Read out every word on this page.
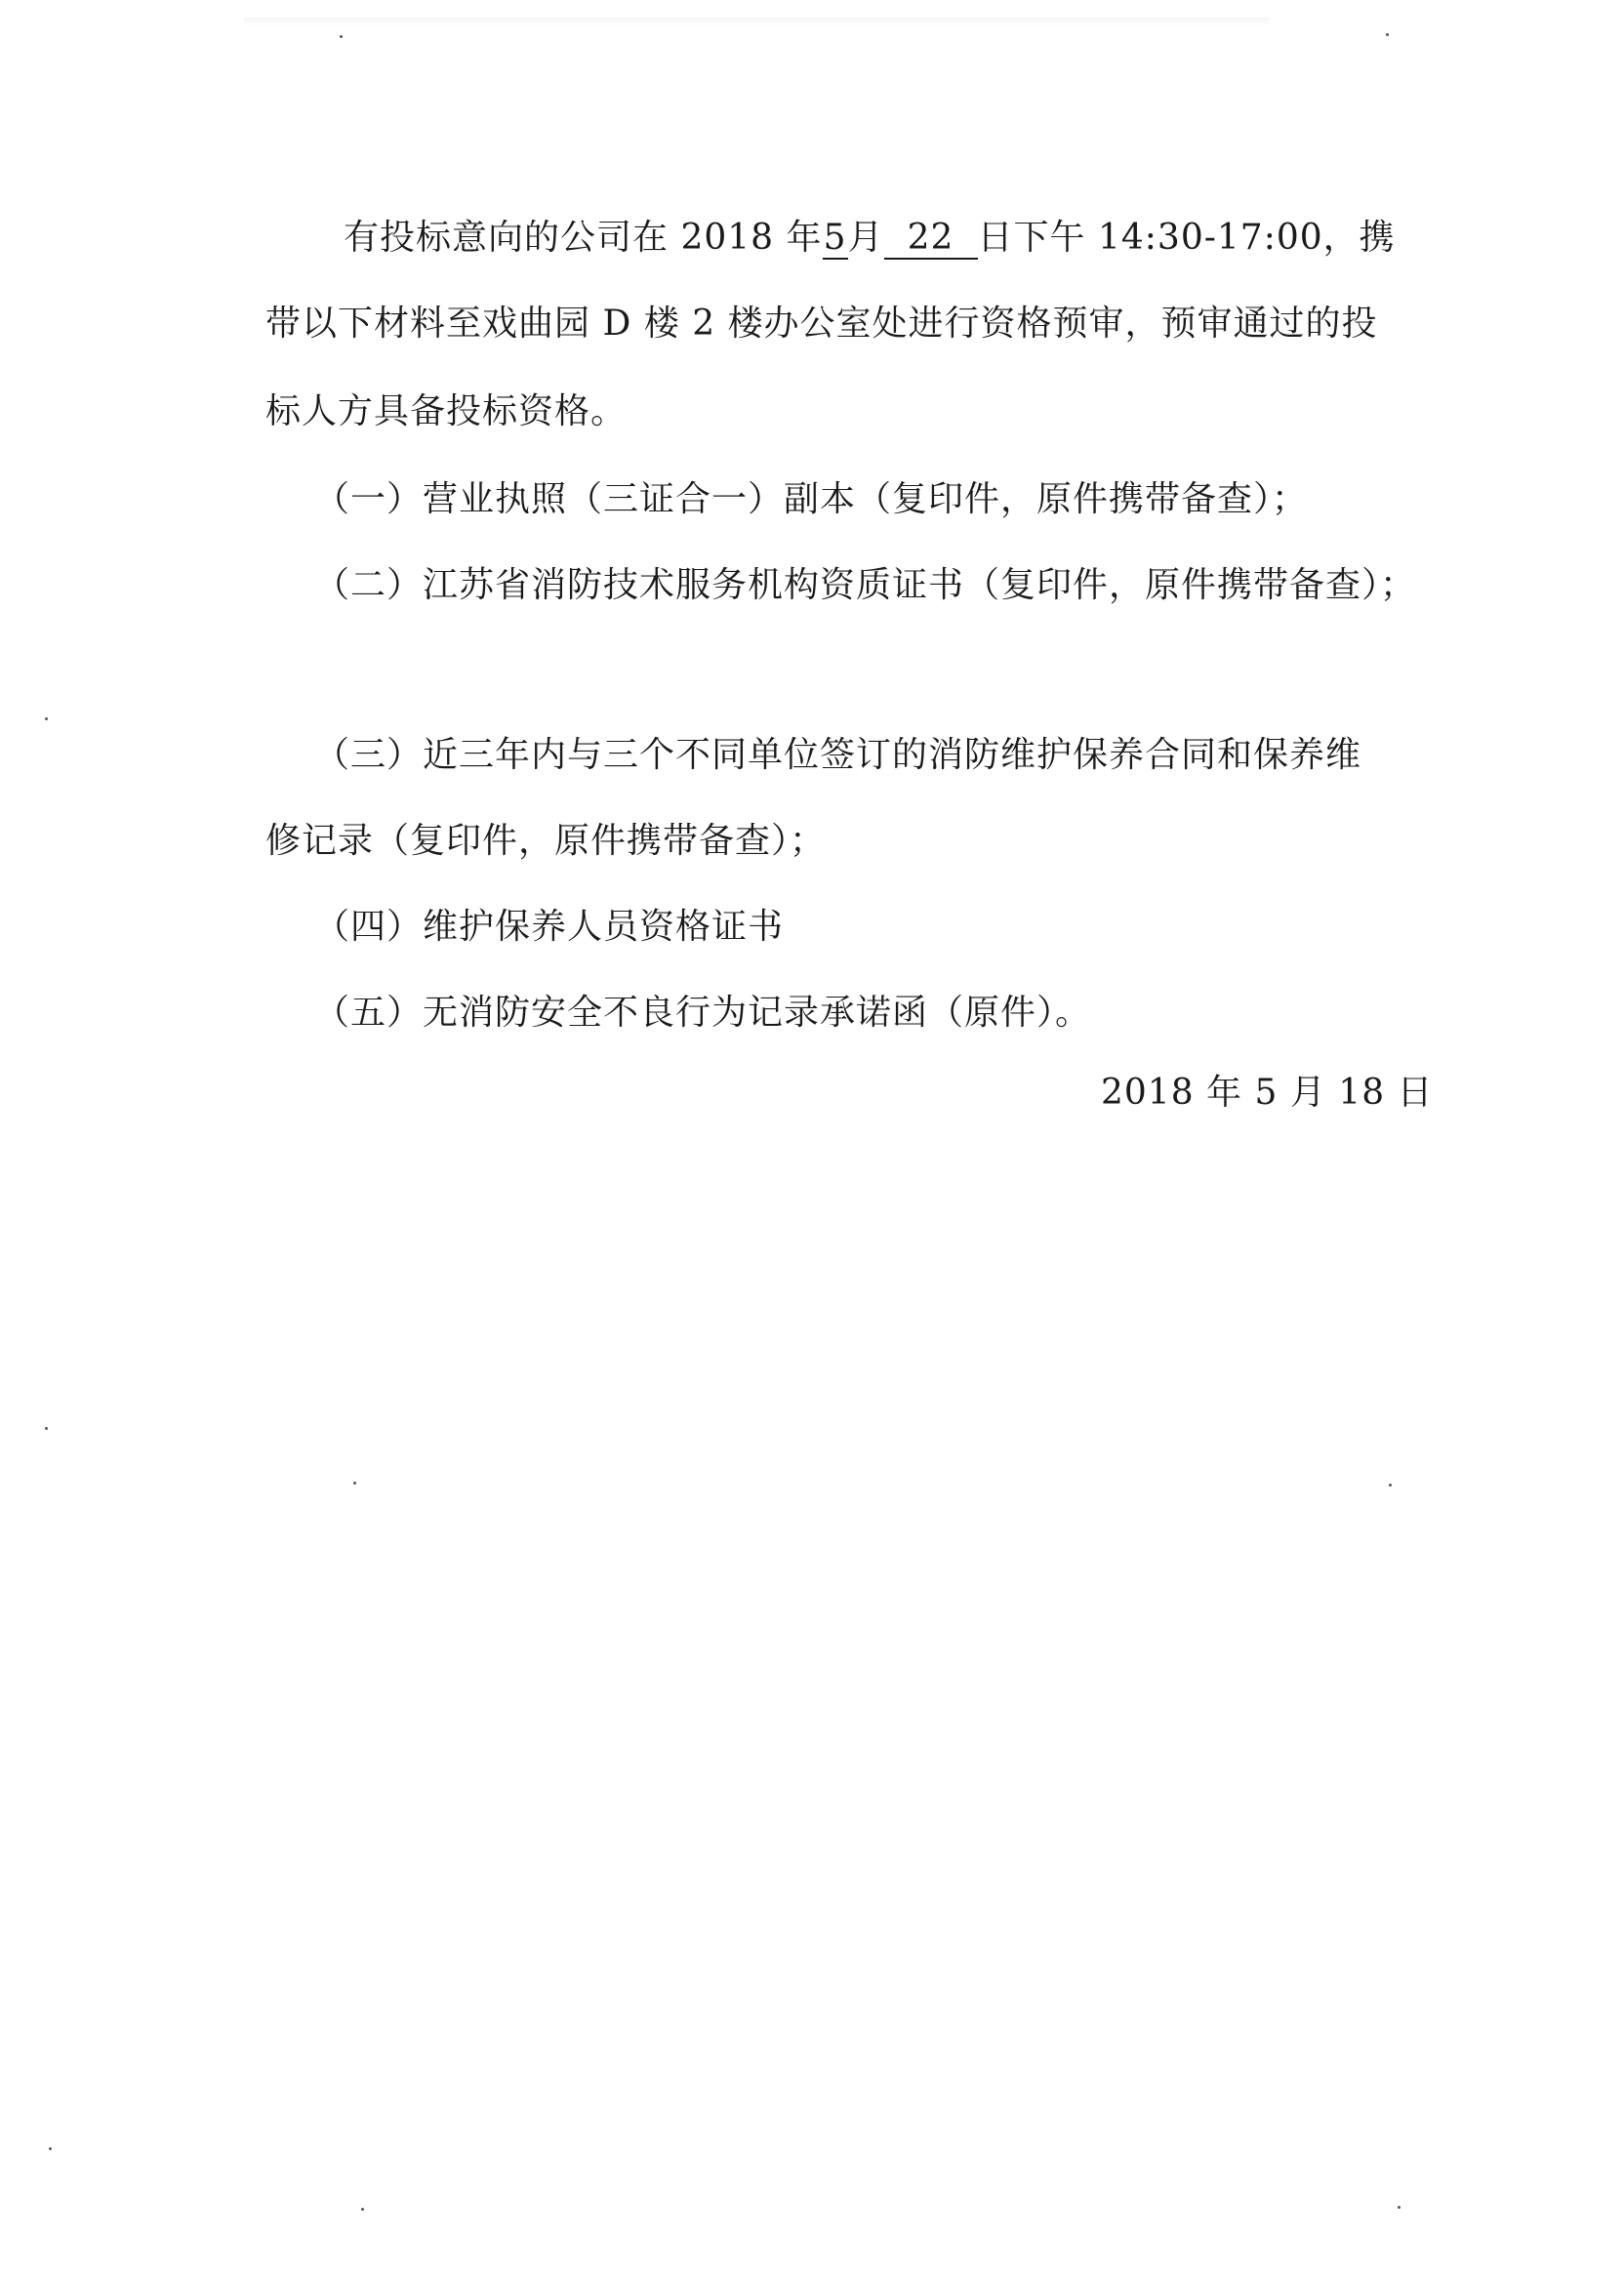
有投标意向的公司在 2018 年5月 22 日下午 14:30-17:00，携
带以下材料至戏曲园 D 楼 2 楼办公室处进行资格预审，预审通过的投
标人方具备投标资格。
（一）营业执照（三证合一）副本（复印件，原件携带备查）；
（二）江苏省消防技术服务机构资质证书（复印件，原件携带备查）；
（三）近三年内与三个不同单位签订的消防维护保养合同和保养维
修记录（复印件，原件携带备查）；
（四）维护保养人员资格证书
（五）无消防安全不良行为记录承诺函（原件）。
2018 年 5 月 18 日
